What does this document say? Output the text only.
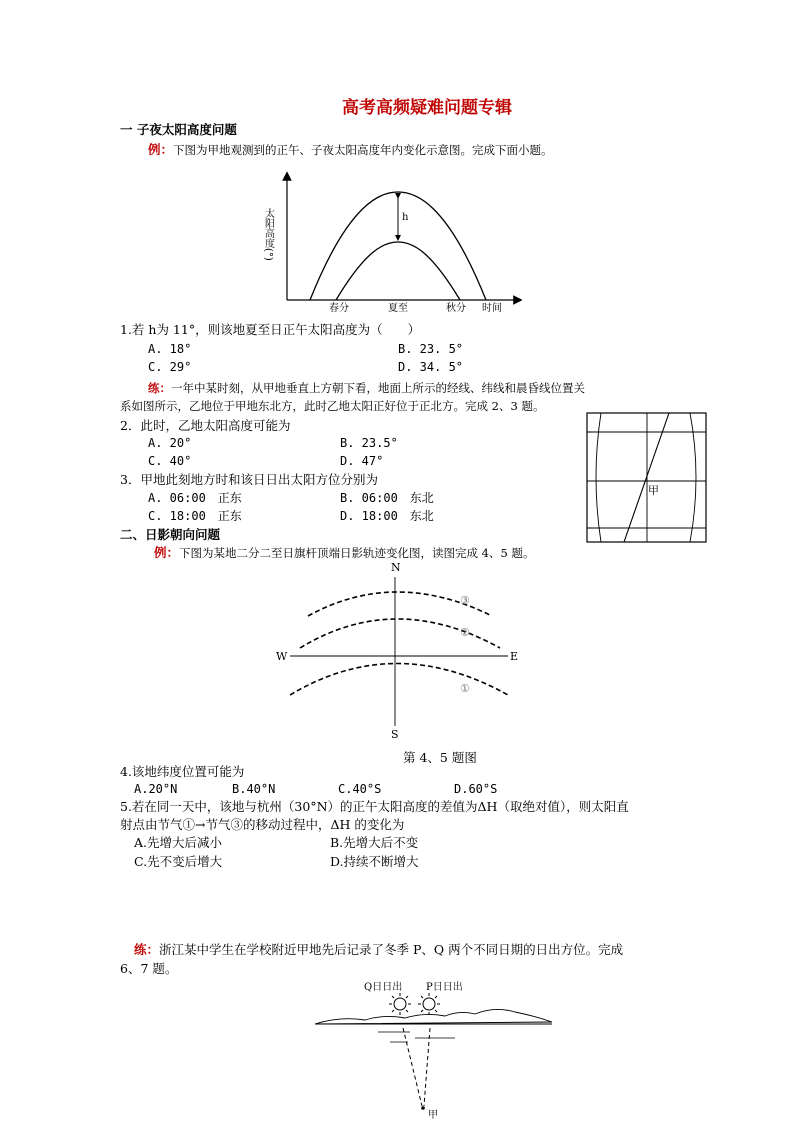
高考高频疑难问题专辑
一 子夜太阳高度问题
例：下图为甲地观测到的正午、子夜太阳高度年内变化示意图。完成下面小题。
h
太阳高度(°)
春分	夏至	秋分 时间
1.若 h为 11°，则该地夏至日正午太阳高度为（　　）
A. 18°	B. 23. 5°
C. 29°	D. 34. 5°
练：一年中某时刻，从甲地垂直上方朝下看，地面上所示的经线、纬线和晨昏线位置关
系如图所示，乙地位于甲地东北方，此时乙地太阳正好位于正北方。完成 2、3 题。
2．此时，乙地太阳高度可能为
A. 20°	B. 23.5°
C. 40°	D. 47°
3．甲地此刻地方时和该日日出太阳方位分别为
A. 06:00　正东	B. 06:00　东北
C. 18:00　正东	D. 18:00　东北
甲
二、日影朝向问题
例：下图为某地二分二至日旗杆顶端日影轨迹变化图，读图完成 4、5 题。
N
S
W	E
③
②
①
第 4、5 题图
4.该地纬度位置可能为
A.20°N	B.40°N	C.40°S	D.60°S
5.若在同一天中，该地与杭州（30°N）的正午太阳高度的差值为ΔH（取绝对值），则太阳直
射点由节气①→节气③的移动过程中，ΔH 的变化为
A.先增大后减小	B.先增大后不变
C.先不变后增大	D.持续不断增大
练：浙江某中学生在学校附近甲地先后记录了冬季 P、Q 两个不同日期的日出方位。完成
6、7 题。
Q日日出 P日日出
甲
